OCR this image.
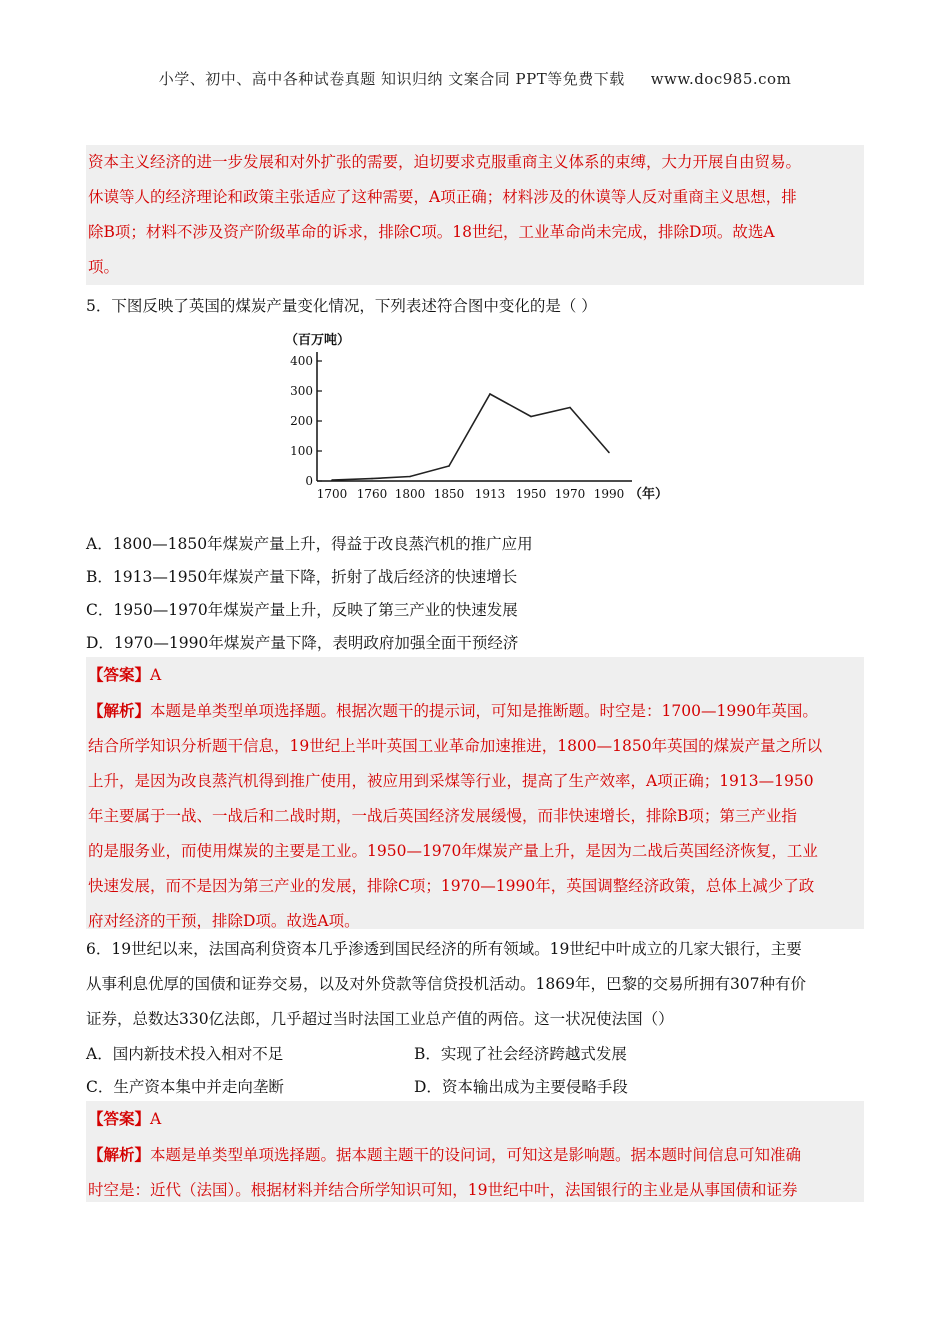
小学、初中、高中各种试卷真题 知识归纳 文案合同 PPT等免费下载 www.doc985.com

资本主义经济的进一步发展和对外扩张的需要，迫切要求克服重商主义体系的束缚，大力开展自由贸易。

休谟等人的经济理论和政策主张适应了这种需要，A项正确；材料涉及的休谟等人反对重商主义思想，排

除B项；材料不涉及资产阶级革命的诉求，排除C项。18世纪，工业革命尚未完成，排除D项。故选A

项。

5．下图反映了英国的煤炭产量变化情况，下列表述符合图中变化的是（ ）
（百万吨）
0
100
200
300
400
1700 1760 1800 1850 1913 1950 1970 1990 （年）
A．1800—1850年煤炭产量上升，得益于改良蒸汽机的推广应用
B．1913—1950年煤炭产量下降，折射了战后经济的快速增长
C．1950—1970年煤炭产量上升，反映了第三产业的快速发展
D．1970—1990年煤炭产量下降，表明政府加强全面干预经济

【答案】A

【解析】本题是单类型单项选择题。根据次题干的提示词，可知是推断题。时空是：1700—1990年英国。

结合所学知识分析题干信息，19世纪上半叶英国工业革命加速推进，1800—1850年英国的煤炭产量之所以

上升，是因为改良蒸汽机得到推广使用，被应用到采煤等行业，提高了生产效率，A项正确；1913—1950

年主要属于一战、一战后和二战时期，一战后英国经济发展缓慢，而非快速增长，排除B项；第三产业指

的是服务业，而使用煤炭的主要是工业。1950—1970年煤炭产量上升，是因为二战后英国经济恢复，工业

快速发展，而不是因为第三产业的发展，排除C项；1970—1990年，英国调整经济政策，总体上减少了政

府对经济的干预，排除D项。故选A项。

6．19世纪以来，法国高利贷资本几乎渗透到国民经济的所有领域。19世纪中叶成立的几家大银行，主要

从事利息优厚的国债和证券交易，以及对外贷款等信贷投机活动。1869年，巴黎的交易所拥有307种有价

证券，总数达330亿法郎，几乎超过当时法国工业总产值的两倍。这一状况使法国（）

A．国内新技术投入相对不足	B．实现了社会经济跨越式发展
C．生产资本集中并走向垄断	D．资本输出成为主要侵略手段

【答案】A

【解析】本题是单类型单项选择题。据本题主题干的设问词，可知这是影响题。据本题时间信息可知准确

时空是：近代（法国）。根据材料并结合所学知识可知，19世纪中叶，法国银行的主业是从事国债和证券
